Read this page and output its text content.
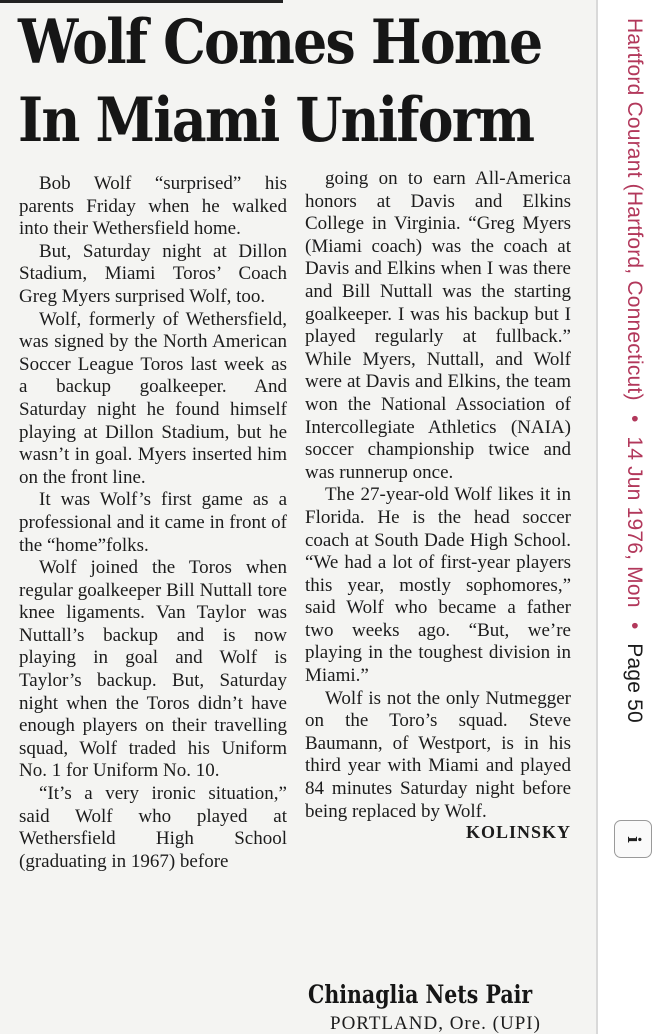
Wolf Comes Home
In Miami Uniform

Bob Wolf “surprised” his parents Friday when he walked into their Wethersfield home.

But, Saturday night at Dillon Stadium, Miami Toros’ Coach Greg Myers surprised Wolf, too.

Wolf, formerly of Wethersfield, was signed by the North American Soccer League Toros last week as a backup goalkeeper. And Saturday night he found himself playing at Dillon Stadium, but he wasn’t in goal. Myers inserted him on the front line.

It was Wolf’s first game as a professional and it came in front of the “home”folks.

Wolf joined the Toros when regular goalkeeper Bill Nuttall tore knee ligaments. Van Taylor was Nuttall’s backup and is now playing in goal and Wolf is Taylor’s backup. But, Saturday night when the Toros didn’t have enough players on their travelling squad, Wolf traded his Uniform No. 1 for Uniform No. 10.

“It’s a very ironic situation,” said Wolf who played at Wethersfield High School (graduating in 1967) before

going on to earn All-America honors at Davis and Elkins College in Virginia. “Greg Myers (Miami coach) was the coach at Davis and Elkins when I was there and Bill Nuttall was the starting goalkeeper. I was his backup but I played regularly at fullback.” While Myers, Nuttall, and Wolf were at Davis and Elkins, the team won the National Association of Intercollegiate Athletics (NAIA) soccer championship twice and was runnerup once.

The 27-year-old Wolf likes it in Florida. He is the head soccer coach at South Dade High School. “We had a lot of first-year players this year, mostly sophomores,” said Wolf who became a father two weeks ago. “But, we’re playing in the toughest division in Miami.”

Wolf is not the only Nutmegger on the Toro’s squad. Steve Baumann, of Westport, is in his third year with Miami and played 84 minutes Saturday night before being replaced by Wolf.

KOLINSKY
Chinaglia Nets Pair
PORTLAND, Ore. (UPI)
Hartford Courant (Hartford, Connecticut) • 14 Jun 1976, Mon • Page 50
i
